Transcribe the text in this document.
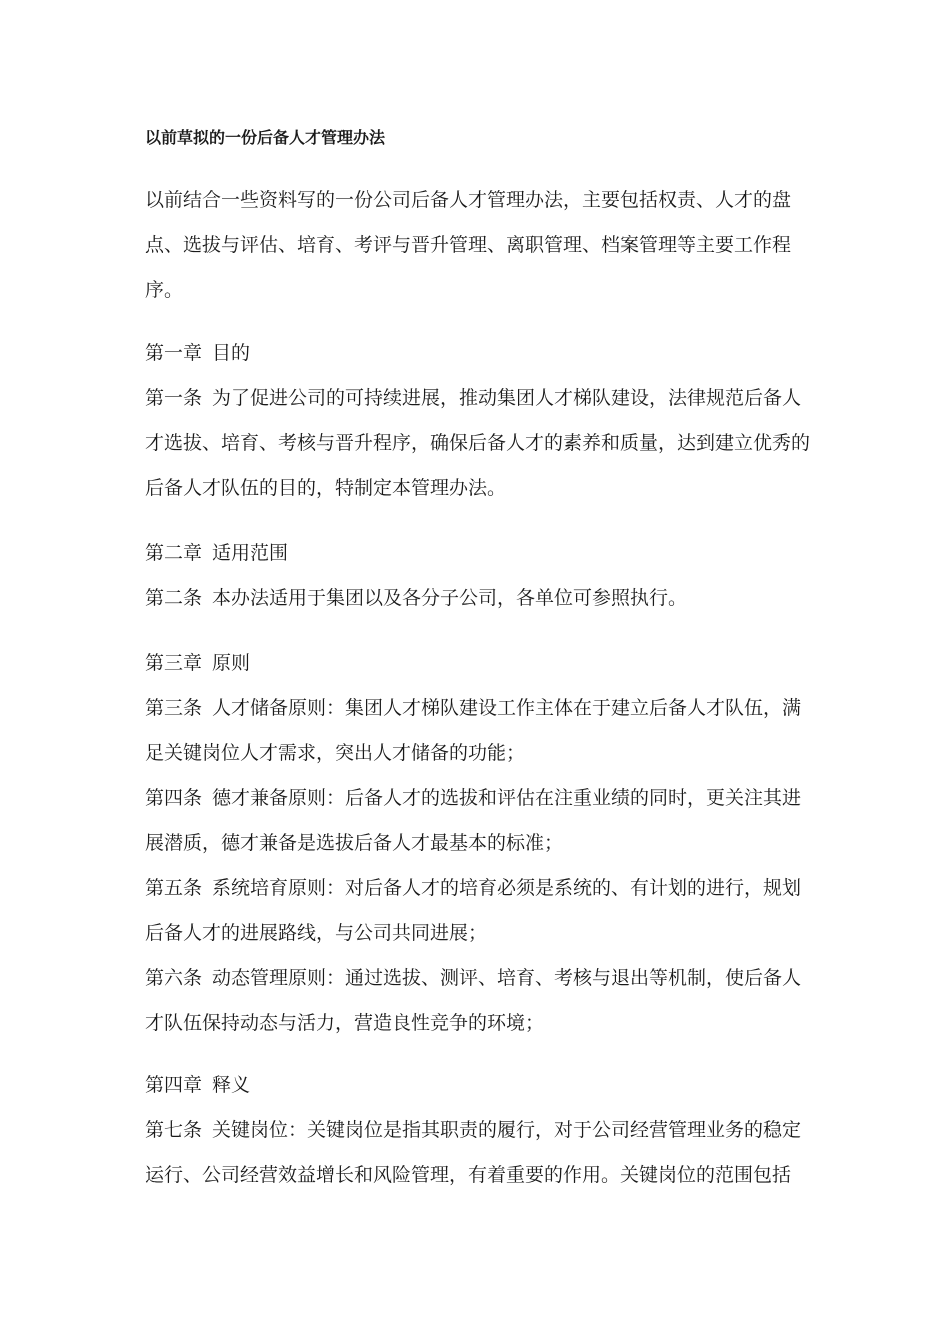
以前草拟的一份后备人才管理办法

以前结合一些资料写的一份公司后备人才管理办法，主要包括权责、人才的盘点、选拔与评估、培育、考评与晋升管理、离职管理、档案管理等主要工作程序。

第一章 目的

第一条 为了促进公司的可持续进展，推动集团人才梯队建设，法律规范后备人才选拔、培育、考核与晋升程序，确保后备人才的素养和质量，达到建立优秀的后备人才队伍的目的，特制定本管理办法。

第二章 适用范围

第二条 本办法适用于集团以及各分子公司，各单位可参照执行。

第三章 原则

第三条 人才储备原则：集团人才梯队建设工作主体在于建立后备人才队伍，满足关键岗位人才需求，突出人才储备的功能；

第四条 德才兼备原则：后备人才的选拔和评估在注重业绩的同时，更关注其进展潜质，德才兼备是选拔后备人才最基本的标准；

第五条 系统培育原则：对后备人才的培育必须是系统的、有计划的进行，规划后备人才的进展路线，与公司共同进展；

第六条 动态管理原则：通过选拔、测评、培育、考核与退出等机制，使后备人才队伍保持动态与活力，营造良性竞争的环境；

第四章 释义

第七条 关键岗位：关键岗位是指其职责的履行，对于公司经营管理业务的稳定运行、公司经营效益增长和风险管理，有着重要的作用。关键岗位的范围包括
